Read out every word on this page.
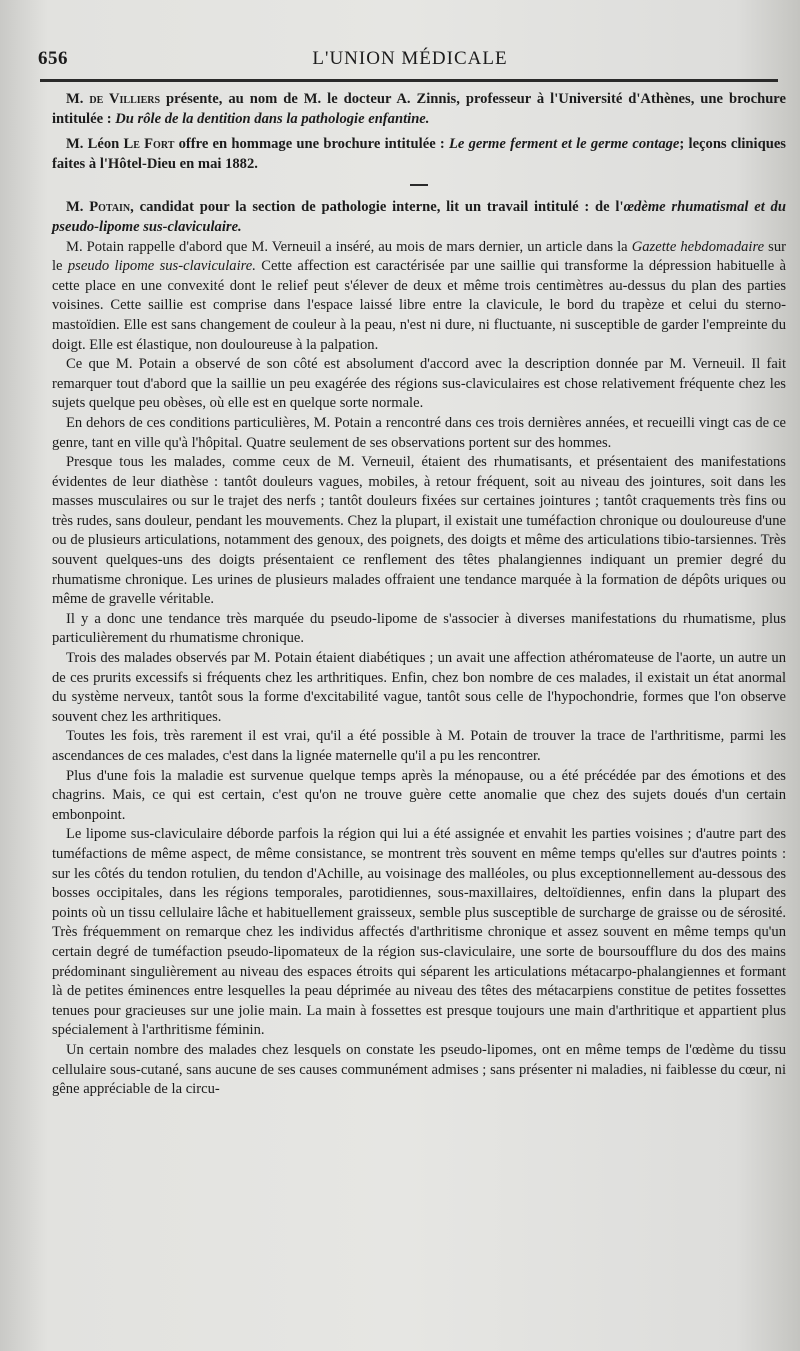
656	L'UNION MÉDICALE

M. de Villiers présente, au nom de M. le docteur A. Zinnis, professeur à l'Université d'Athènes, une brochure intitulée : Du rôle de la dentition dans la pathologie enfantine.

M. Léon Le Fort offre en hommage une brochure intitulée : Le germe ferment et le germe contage; leçons cliniques faites à l'Hôtel-Dieu en mai 1882.

M. Potain, candidat pour la section de pathologie interne, lit un travail intitulé : de l'œdème rhumatismal et du pseudo-lipome sus-claviculaire.

M. Potain rappelle d'abord que M. Verneuil a inséré, au mois de mars dernier, un article dans la Gazette hebdomadaire sur le pseudo lipome sus-claviculaire. Cette affection est caractérisée par une saillie qui transforme la dépression habituelle à cette place en une convexité dont le relief peut s'élever de deux et même trois centimètres au-dessus du plan des parties voisines. Cette saillie est comprise dans l'espace laissé libre entre la clavicule, le bord du trapèze et celui du sterno-mastoïdien. Elle est sans changement de couleur à la peau, n'est ni dure, ni fluctuante, ni susceptible de garder l'empreinte du doigt. Elle est élastique, non douloureuse à la palpation.

Ce que M. Potain a observé de son côté est absolument d'accord avec la description donnée par M. Verneuil. Il fait remarquer tout d'abord que la saillie un peu exagérée des régions sus-claviculaires est chose relativement fréquente chez les sujets quelque peu obèses, où elle est en quelque sorte normale.

En dehors de ces conditions particulières, M. Potain a rencontré dans ces trois dernières années, et recueilli vingt cas de ce genre, tant en ville qu'à l'hôpital. Quatre seulement de ses observations portent sur des hommes.

Presque tous les malades, comme ceux de M. Verneuil, étaient des rhumatisants, et présentaient des manifestations évidentes de leur diathèse : tantôt douleurs vagues, mobiles, à retour fréquent, soit au niveau des jointures, soit dans les masses musculaires ou sur le trajet des nerfs ; tantôt douleurs fixées sur certaines jointures ; tantôt craquements très fins ou très rudes, sans douleur, pendant les mouvements. Chez la plupart, il existait une tuméfaction chronique ou douloureuse d'une ou de plusieurs articulations, notamment des genoux, des poignets, des doigts et même des articulations tibio-tarsiennes. Très souvent quelques-uns des doigts présentaient ce renflement des têtes phalangiennes indiquant un premier degré du rhumatisme chronique. Les urines de plusieurs malades offraient une tendance marquée à la formation de dépôts uriques ou même de gravelle véritable.

Il y a donc une tendance très marquée du pseudo-lipome de s'associer à diverses manifestations du rhumatisme, plus particulièrement du rhumatisme chronique.

Trois des malades observés par M. Potain étaient diabétiques ; un avait une affection athéromateuse de l'aorte, un autre un de ces prurits excessifs si fréquents chez les arthritiques. Enfin, chez bon nombre de ces malades, il existait un état anormal du système nerveux, tantôt sous la forme d'excitabilité vague, tantôt sous celle de l'hypochondrie, formes que l'on observe souvent chez les arthritiques.

Toutes les fois, très rarement il est vrai, qu'il a été possible à M. Potain de trouver la trace de l'arthritisme, parmi les ascendances de ces malades, c'est dans la lignée maternelle qu'il a pu les rencontrer.

Plus d'une fois la maladie est survenue quelque temps après la ménopause, ou a été précédée par des émotions et des chagrins. Mais, ce qui est certain, c'est qu'on ne trouve guère cette anomalie que chez des sujets doués d'un certain embonpoint.

Le lipome sus-claviculaire déborde parfois la région qui lui a été assignée et envahit les parties voisines ; d'autre part des tuméfactions de même aspect, de même consistance, se montrent très souvent en même temps qu'elles sur d'autres points : sur les côtés du tendon rotulien, du tendon d'Achille, au voisinage des malléoles, ou plus exceptionnellement au-dessous des bosses occipitales, dans les régions temporales, parotidiennes, sous-maxillaires, deltoïdiennes, enfin dans la plupart des points où un tissu cellulaire lâche et habituellement graisseux, semble plus susceptible de surcharge de graisse ou de sérosité. Très fréquemment on remarque chez les individus affectés d'arthritisme chronique et assez souvent en même temps qu'un certain degré de tuméfaction pseudo-lipomateux de la région sus-claviculaire, une sorte de boursoufflure du dos des mains prédominant singulièrement au niveau des espaces étroits qui séparent les articulations métacarpo-phalangiennes et formant là de petites éminences entre lesquelles la peau déprimée au niveau des têtes des métacarpiens constitue de petites fossettes tenues pour gracieuses sur une jolie main. La main à fossettes est presque toujours une main d'arthritique et appartient plus spécialement à l'arthritisme féminin.

Un certain nombre des malades chez lesquels on constate les pseudo-lipomes, ont en même temps de l'œdème du tissu cellulaire sous-cutané, sans aucune de ses causes communément admises ; sans présenter ni maladies, ni faiblesse du cœur, ni gêne appréciable de la circu-
